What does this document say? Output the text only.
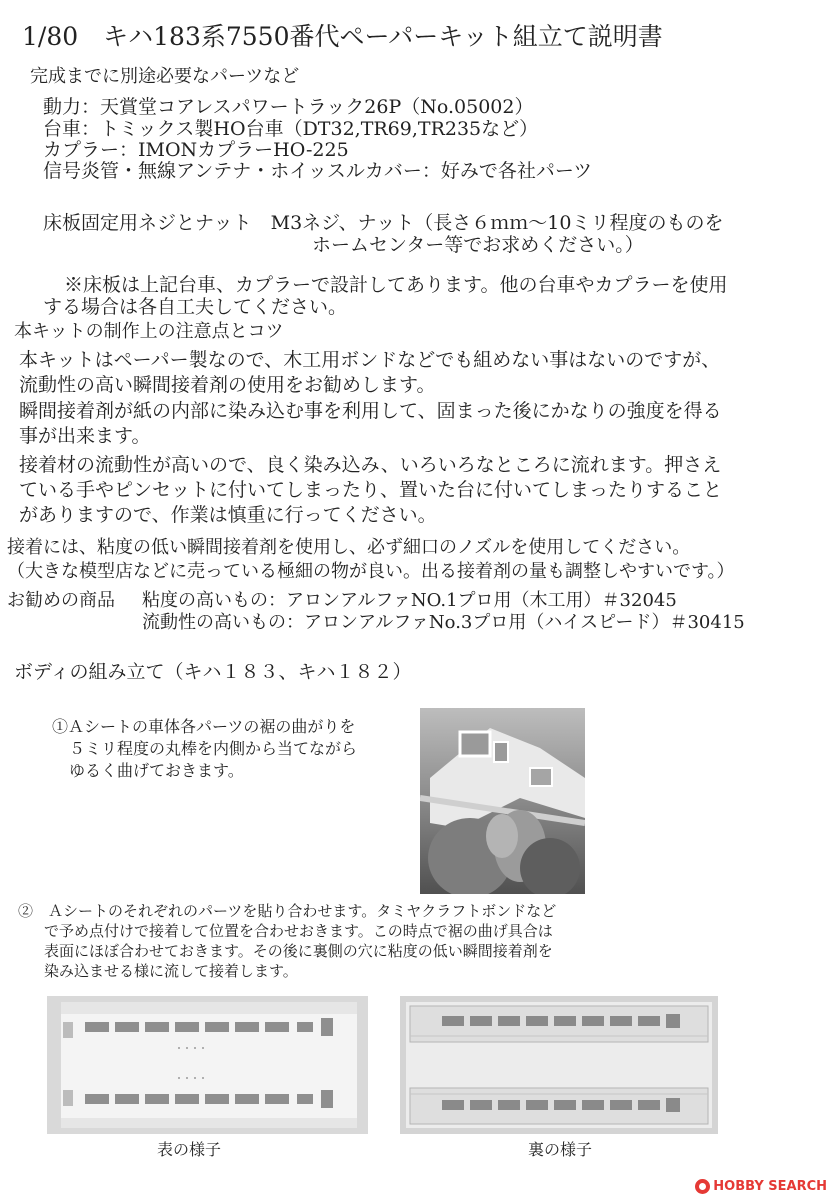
1/80　キハ183系7550番代ペーパーキット組立て説明書
完成までに別途必要なパーツなど
動力：天賞堂コアレスパワートラック26P（No.05002）
台車：トミックス製HO台車（DT32,TR69,TR235など）
カプラー：IMONカプラーHO-225
信号炎管・無線アンテナ・ホイッスルカバー：好みで各社パーツ
床板固定用ネジとナット　M3ネジ、ナット（長さ６ｍｍ～10ミリ程度のものを
ホームセンター等でお求めください。）
※床板は上記台車、カプラーで設計してあります。他の台車やカプラーを使用
する場合は各自工夫してください。
本キットの制作上の注意点とコツ
本キットはペーパー製なので、木工用ボンドなどでも組めない事はないのですが、
流動性の高い瞬間接着剤の使用をお勧めします。
瞬間接着剤が紙の内部に染み込む事を利用して、固まった後にかなりの強度を得る
事が出来ます。
接着材の流動性が高いので、良く染み込み、いろいろなところに流れます。押さえ
ている手やピンセットに付いてしまったり、置いた台に付いてしまったりすること
がありますので、作業は慎重に行ってください。
接着には、粘度の低い瞬間接着剤を使用し、必ず細口のノズルを使用してください。
（大きな模型店などに売っている極細の物が良い。出る接着剤の量も調整しやすいです。）
お勧めの商品 粘度の高いもの：アロンアルファNO.1プロ用（木工用）＃32045
流動性の高いもの：アロンアルファNo.3プロ用（ハイスピード）＃30415
ボディの組み立て（キハ１８３、キハ１８２）
①Ａシートの車体各パーツの裾の曲がりを
５ミリ程度の丸棒を内側から当てながら
ゆるく曲げておきます。
②　Ａシートのそれぞれのパーツを貼り合わせます。タミヤクラフトボンドなど
で予め点付けで接着して位置を合わせおきます。この時点で裾の曲げ具合は
表面にほぼ合わせておきます。その後に裏側の穴に粘度の低い瞬間接着剤を
染み込ませる様に流して接着します。
表の様子	裏の様子
HOBBY SEARCH
